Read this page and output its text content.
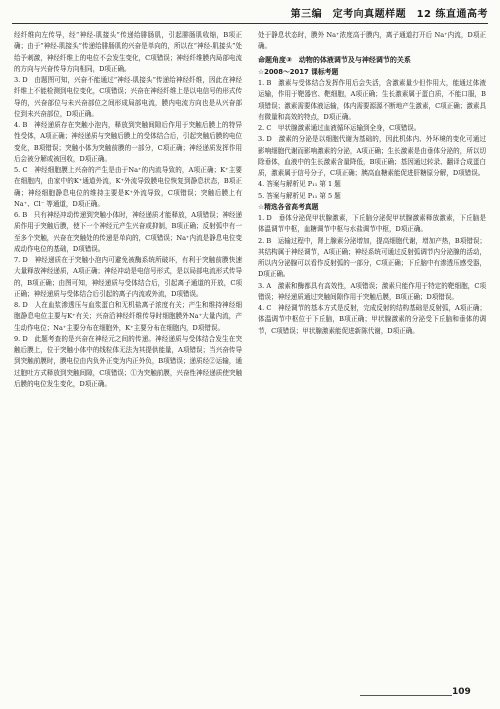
第三编　定考向真题样题　12 练直通高考

经纤维向左传导，经“神经-肌接头”传递给腓肠肌，引起腓肠肌收缩，B项正确；由于“神经-肌接头”传递给腓肠肌的兴奋是单向的，所以在“神经-肌接头”处给予刺激，神经纤维上的电位不会发生变化，C项错误；神经纤维膜内局部电流的方向与兴奋传导方向相同，D项正确。

3. D　由题图可知，兴奋不能通过“神经-肌接头”传递给神经纤维，因此在神经纤维上不能检测到电位变化，C项错误；兴奋在神经纤维上是以电信号的形式传导的，兴奋部位与未兴奋部位之间形成局部电流，膜内电流方向也是从兴奋部位到未兴奋部位，D项正确。

4. B　神经递质存在突触小泡内，释放到突触间隙后作用于突触后膜上的特异性受体，A项正确；神经递质与突触后膜上的受体结合后，引起突触后膜的电位变化，B项错误；突触小体为突触前膜的一部分，C项正确；神经递质发挥作用后会被分解或被回收，D项正确。

5. C　神经细胞膜上兴奋的产生是由于Na⁺的内流导致的，A项正确；K⁺主要在细胞内，由家中的K⁺通道外流，K⁺外流导致膜电位恢复到静息状态，B项正确；神经细胞静息电位的维持主要是K⁺外流导致，C项错误；突触后膜上有 Na⁺、Cl⁻ 等通道，D项正确。

6. B　只有神经冲动传递到突触小体时，神经递质才能释放，A项错误；神经递质作用于突触后膜，使下一个神经元产生兴奋或抑制，B项正确；反射弧中有一至多个突触，兴奋在突触处的传递是单向的，C项错误；Na⁺内流是静息电位变成动作电位的基础，D项错误。

7. D　神经递质在于突触小泡内可避免被酶系统所破坏，有利于突触前膜快速大量释放神经递质，A项正确；神经冲动是电信号形式，是以局部电流形式传导的，B项正确；由图可知，神经递质与受体结合后，引起离子通道的开放，C项正确；神经递质与受体结合后引起的离子内流或外流，D项错误。

8. D　人在血浆渗透压与血浆蛋白和无机盐离子浓度有关；产生和维持神经细胞静息电位主要与K⁺有关；兴奋沿神经纤维传导时细胞膜外Na⁺大量内流，产生动作电位；Na⁺主要分布在细胞外，K⁺主要分布在细胞内，D项错误。

9. D　此题考查的是兴奋在神经元之间的传递。神经递质与受体结合发生在突触后膜上，位于突触小体中的线粒体无法为其提供能量，A项错误；当兴奋传导到突触前膜时，膜电位由内负外正变为内正外负，B项错误；递质经②运输，通过胞吐方式释放到突触间隙，C项错误；①为突触前膜，兴奋性神经递质使突触后膜的电位发生变化，D项正确。

处于静息状态时，膜外 Na⁺浓度高于膜内，离子通道打开后 Na⁺内流，D项正确。

命题角度③　动物的体液调节及与神经调节的关系

☆2008～2017 课标考题

1. B　激素与受体结合发挥作用后会失活，含激素量少但作用大，能通过体液运输，作用于靶器官、靶细胞，A项正确；生长激素属于蛋白质，不能口服，B项错误；激素需要体液运输，体内需要源源不断地产生激素，C项正确；激素具有微量和高效的特点，D项正确。

2. C　甲状腺激素通过血液循环运输到全身，C项错误。

3. D　激素的分泌是以细胞代谢为基础的，因此机体内、外环境的变化可通过影响细胞代谢而影响激素的分泌，A项正确；生长激素是由垂体分泌的，所以切除垂体，血液中的生长激素含量降低，B项正确；基因通过转录、翻译合成蛋白质，激素属于信号分子，C项正确；胰高血糖素能促进肝糖原分解，D项错误。

4. 答案与解析见 P₁₁ 第 1 题

5. 答案与解析见 P₁₁ 第 5 题

☆精选各省高考真题

1. D　垂体分泌促甲状腺激素，下丘脑分泌促甲状腺激素释放激素，下丘脑是体温调节中枢，血糖调节中枢与水盐调节中枢，D项正确。

2. B　运输过程中，肾上腺素分泌增加，提高细胞代谢，增加产热，B项错误；其结构属于神经调节，A项正确；神经系统可通过反射弧调节内分泌腺的活动，所以内分泌腺可以看作反射弧的一部分，C项正确；下丘脑中有渗透压感受器，D项正确。

3. A　激素和酶都具有高效性，A项错误；激素只能作用于特定的靶细胞，C项错误；神经递质通过突触间隙作用于突触后膜，B项正确；D项错误。

4. C　神经调节的基本方式是反射，完成反射的结构基础是反射弧，A项正确；体温调节中枢位于下丘脑，B项正确；甲状腺激素的分泌受下丘脑和垂体的调节，C项错误；甲状腺激素能促进新陈代谢，D项正确。

109
